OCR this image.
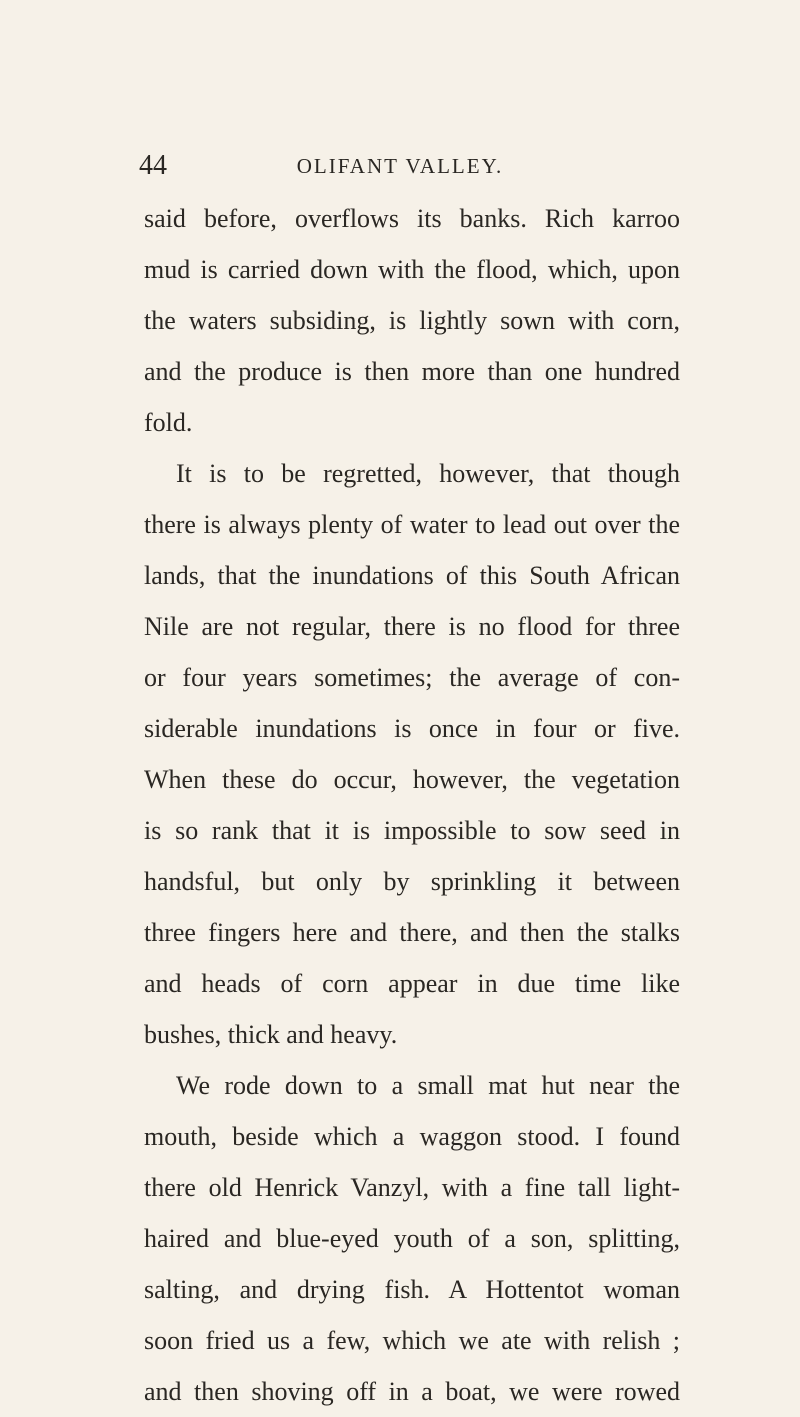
44	OLIFANT VALLEY.
said before, overflows its banks. Rich karroo
mud is carried down with the flood, which, upon
the waters subsiding, is lightly sown with corn,
and the produce is then more than one hundred
fold.
It is to be regretted, however, that though
there is always plenty of water to lead out over the
lands, that the inundations of this South African
Nile are not regular, there is no flood for three
or four years sometimes; the average of con-
siderable inundations is once in four or five.
When these do occur, however, the vegetation
is so rank that it is impossible to sow seed in
handsful, but only by sprinkling it between
three fingers here and there, and then the stalks
and heads of corn appear in due time like
bushes, thick and heavy.
We rode down to a small mat hut near the
mouth, beside which a waggon stood. I found
there old Henrick Vanzyl, with a fine tall light-
haired and blue-eyed youth of a son, splitting,
salting, and drying fish. A Hottentot woman
soon fried us a few, which we ate with relish ;
and then shoving off in a boat, we were rowed
